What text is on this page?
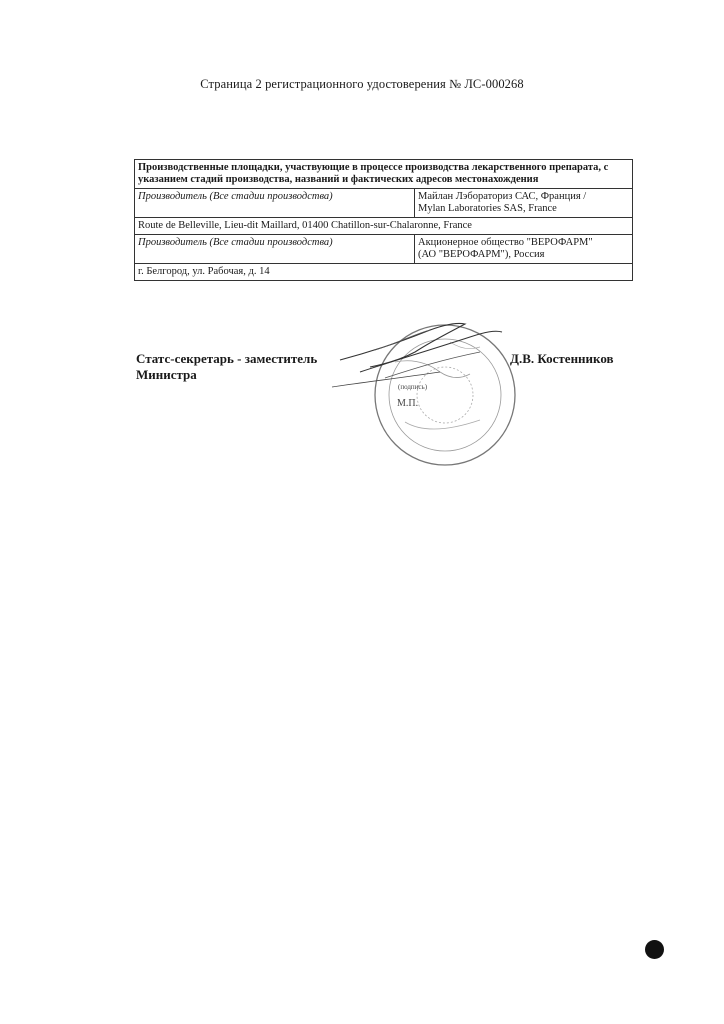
Страница 2 регистрационного удостоверения № ЛС-000268
Производственные площадки, участвующие в процессе производства лекарственного препарата, с указанием стадий производства, названий и фактических адресов местонахождения	
Производитель (Все стадии производства)	Майлан Лэбораториз САС, Франция /
Mylan Laboratories SAS, France
Route de Belleville, Lieu-dit Maillard, 01400 Chatillon-sur-Chalaronne, France	
Производитель (Все стадии производства)	Акционерное общество "ВЕРОФАРМ"
(АО "ВЕРОФАРМ"), Россия
г. Белгород, ул. Рабочая, д. 14	
Статс-секретарь - заместитель
Министра
(подпись)
М.П.
Д.В. Костенников
